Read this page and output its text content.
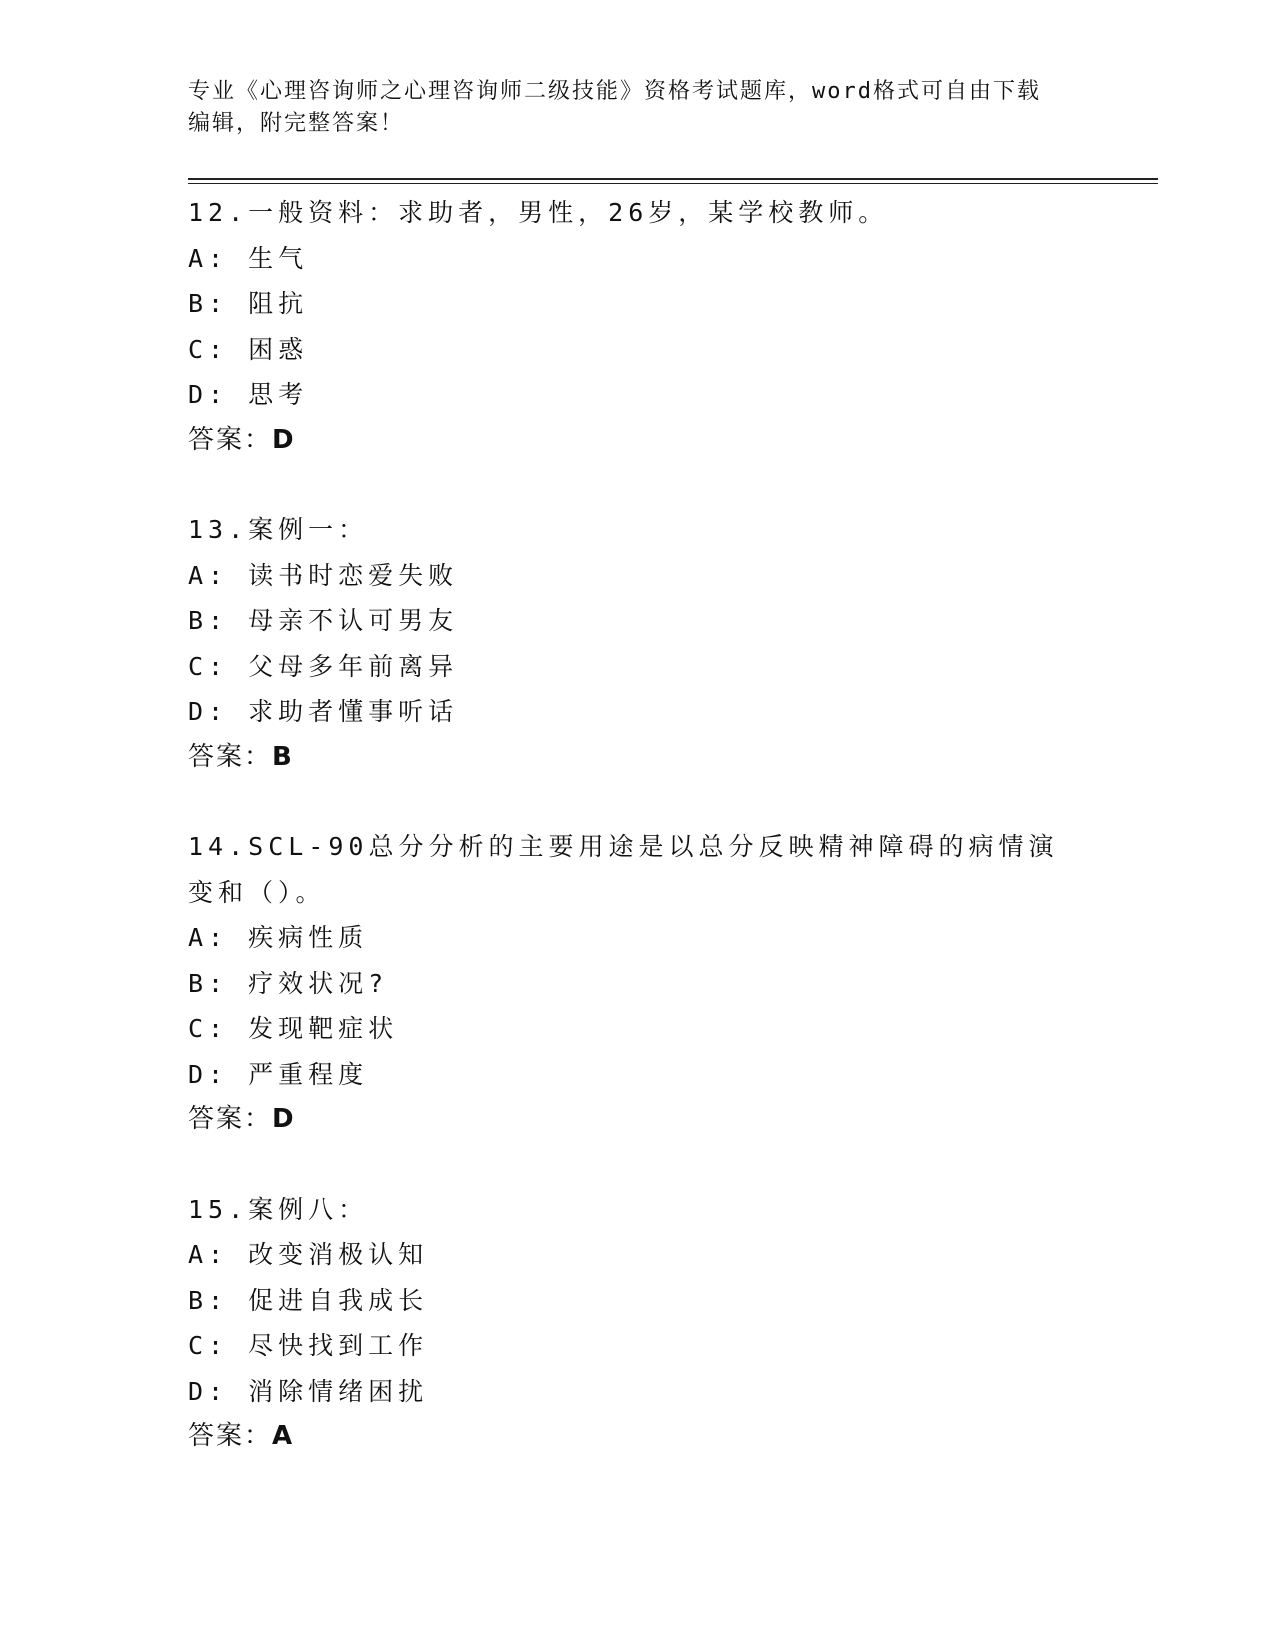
专业《心理咨询师之心理咨询师二级技能》资格考试题库，word格式可自由下载
编辑，附完整答案！
12.一般资料：求助者，男性，26岁，某学校教师。
A: 生气
B: 阻抗
C: 困惑
D: 思考
答案：D
13.案例一：
A: 读书时恋爱失败
B: 母亲不认可男友
C: 父母多年前离异
D: 求助者懂事听话
答案：B
14.SCL-90总分分析的主要用途是以总分反映精神障碍的病情演变和（）。
A: 疾病性质
B: 疗效状况?
C: 发现靶症状
D: 严重程度
答案：D
15.案例八：
A: 改变消极认知
B: 促进自我成长
C: 尽快找到工作
D: 消除情绪困扰
答案：A
